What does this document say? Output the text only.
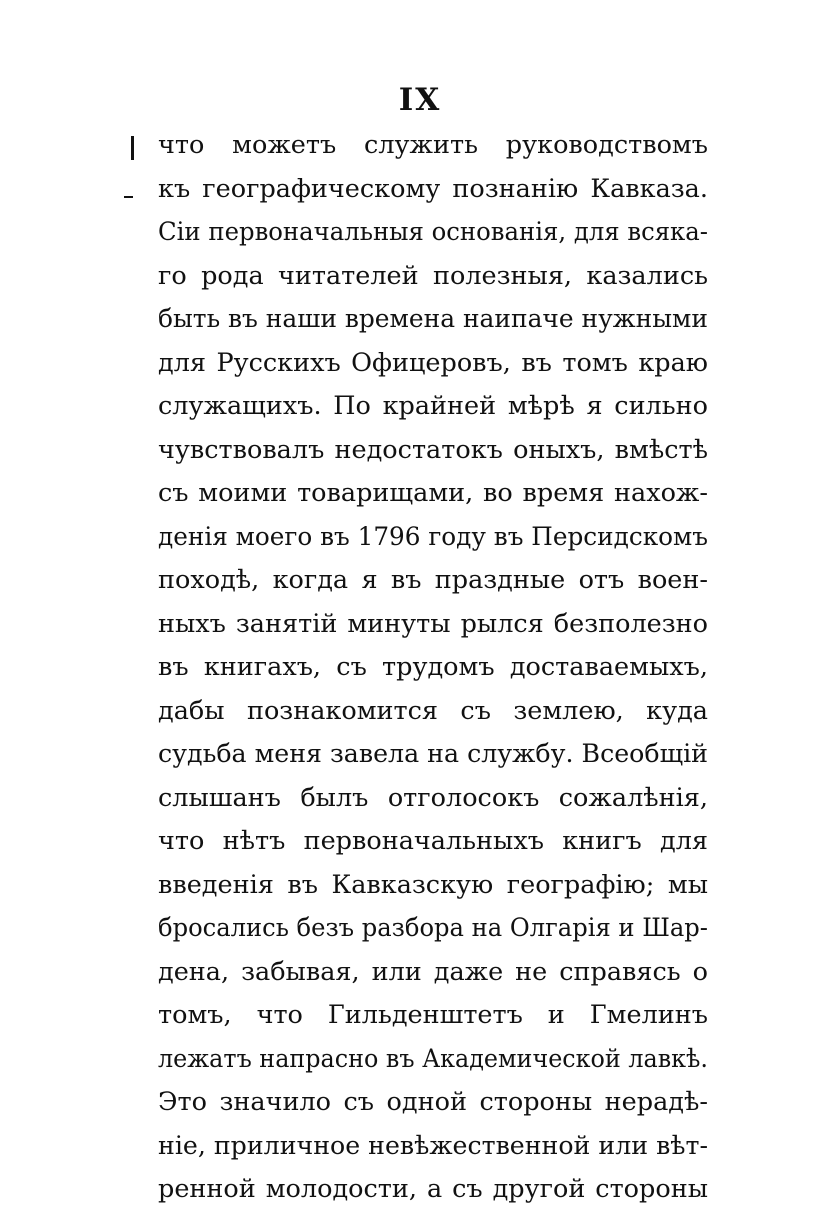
IX
что можетъ служить руководствомъ
къ географическому познанію Кавказа.
Сіи первоначальныя основанія, для всяка-
го рода читателей полезныя, казались
быть въ наши времена наипаче нужными
для Русскихъ Офицеровъ, въ томъ краю
служащихъ. По крайней мѣрѣ я сильно
чувствовалъ недостатокъ оныхъ, вмѣстѣ
съ моими товарищами, во время нахож-
денія моего въ 1796 году въ Персидскомъ
походѣ, когда я въ праздные отъ воен-
ныхъ занятій минуты рылся безполезно
въ книгахъ, съ трудомъ доставаемыхъ,
дабы познакомится съ землею, куда
судьба меня завела на службу. Всеобщій
слышанъ былъ отголосокъ сожалѣнія,
что нѣтъ первоначальныхъ книгъ для
введенія въ Кавказскую географію; мы
бросались безъ разбора на Олгарія и Шар-
дена, забывая, или даже не справясь о
томъ, что Гильденштетъ и Гмелинъ
лежатъ напрасно въ Академической лавкѣ.
Это значило съ одной стороны нерадѣ-
ніе, приличное невѣжественной или вѣт-
ренной молодости, а съ другой стороны
